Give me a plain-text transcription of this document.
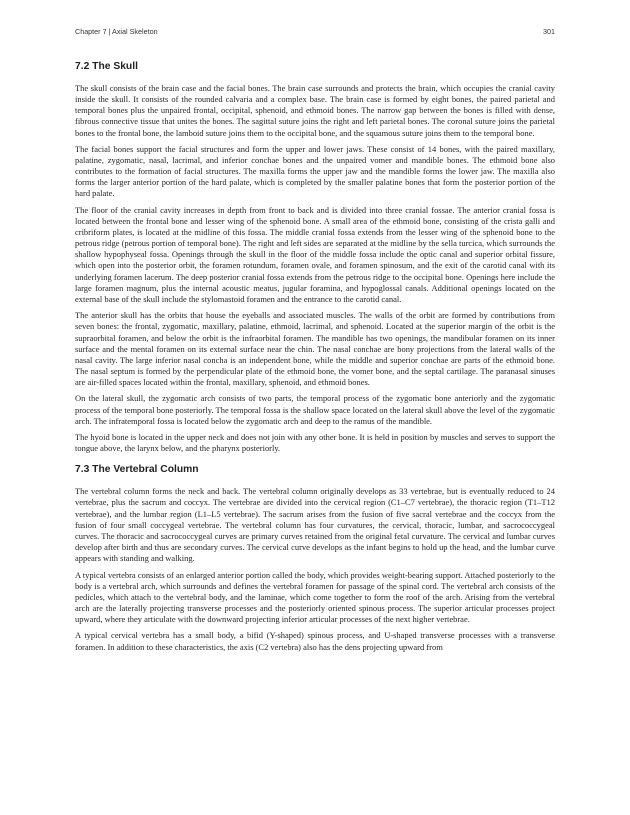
Chapter 7 | Axial Skeleton	301
7.2 The Skull

The skull consists of the brain case and the facial bones. The brain case surrounds and protects the brain, which occupies the cranial cavity inside the skull. It consists of the rounded calvaria and a complex base. The brain case is formed by eight bones, the paired parietal and temporal bones plus the unpaired frontal, occipital, sphenoid, and ethmoid bones. The narrow gap between the bones is filled with dense, fibrous connective tissue that unites the bones. The sagittal suture joins the right and left parietal bones. The coronal suture joins the parietal bones to the frontal bone, the lamboid suture joins them to the occipital bone, and the squamous suture joins them to the temporal bone.

The facial bones support the facial structures and form the upper and lower jaws. These consist of 14 bones, with the paired maxillary, palatine, zygomatic, nasal, lacrimal, and inferior conchae bones and the unpaired vomer and mandible bones. The ethmoid bone also contributes to the formation of facial structures. The maxilla forms the upper jaw and the mandible forms the lower jaw. The maxilla also forms the larger anterior portion of the hard palate, which is completed by the smaller palatine bones that form the posterior portion of the hard palate.

The floor of the cranial cavity increases in depth from front to back and is divided into three cranial fossae. The anterior cranial fossa is located between the frontal bone and lesser wing of the sphenoid bone. A small area of the ethmoid bone, consisting of the crista galli and cribriform plates, is located at the midline of this fossa. The middle cranial fossa extends from the lesser wing of the sphenoid bone to the petrous ridge (petrous portion of temporal bone). The right and left sides are separated at the midline by the sella turcica, which surrounds the shallow hypophyseal fossa. Openings through the skull in the floor of the middle fossa include the optic canal and superior orbital fissure, which open into the posterior orbit, the foramen rotundum, foramen ovale, and foramen spinosum, and the exit of the carotid canal with its underlying foramen lacerum. The deep posterior cranial fossa extends from the petrous ridge to the occipital bone. Openings here include the large foramen magnum, plus the internal acoustic meatus, jugular foramina, and hypoglossal canals. Additional openings located on the external base of the skull include the stylomastoid foramen and the entrance to the carotid canal.

The anterior skull has the orbits that house the eyeballs and associated muscles. The walls of the orbit are formed by contributions from seven bones: the frontal, zygomatic, maxillary, palatine, ethmoid, lacrimal, and sphenoid. Located at the superior margin of the orbit is the supraorbital foramen, and below the orbit is the infraorbital foramen. The mandible has two openings, the mandibular foramen on its inner surface and the mental foramen on its external surface near the chin. The nasal conchae are bony projections from the lateral walls of the nasal cavity. The large inferior nasal concha is an independent bone, while the middle and superior conchae are parts of the ethmoid bone. The nasal septum is formed by the perpendicular plate of the ethmoid bone, the vomer bone, and the septal cartilage. The paranasal sinuses are air-filled spaces located within the frontal, maxillary, sphenoid, and ethmoid bones.

On the lateral skull, the zygomatic arch consists of two parts, the temporal process of the zygomatic bone anteriorly and the zygomatic process of the temporal bone posteriorly. The temporal fossa is the shallow space located on the lateral skull above the level of the zygomatic arch. The infratemporal fossa is located below the zygomatic arch and deep to the ramus of the mandible.

The hyoid bone is located in the upper neck and does not join with any other bone. It is held in position by muscles and serves to support the tongue above, the larynx below, and the pharynx posteriorly.

7.3 The Vertebral Column

The vertebral column forms the neck and back. The vertebral column originally develops as 33 vertebrae, but is eventually reduced to 24 vertebrae, plus the sacrum and coccyx. The vertebrae are divided into the cervical region (C1–C7 vertebrae), the thoracic region (T1–T12 vertebrae), and the lumbar region (L1–L5 vertebrae). The sacrum arises from the fusion of five sacral vertebrae and the coccyx from the fusion of four small coccygeal vertebrae. The vertebral column has four curvatures, the cervical, thoracic, lumbar, and sacrococcygeal curves. The thoracic and sacrococcygeal curves are primary curves retained from the original fetal curvature. The cervical and lumbar curves develop after birth and thus are secondary curves. The cervical curve develops as the infant begins to hold up the head, and the lumbar curve appears with standing and walking.

A typical vertebra consists of an enlarged anterior portion called the body, which provides weight-bearing support. Attached posteriorly to the body is a vertebral arch, which surrounds and defines the vertebral foramen for passage of the spinal cord. The vertebral arch consists of the pedicles, which attach to the vertebral body, and the laminae, which come together to form the roof of the arch. Arising from the vertebral arch are the laterally projecting transverse processes and the posteriorly oriented spinous process. The superior articular processes project upward, where they articulate with the downward projecting inferior articular processes of the next higher vertebrae.

A typical cervical vertebra has a small body, a bifid (Y-shaped) spinous process, and U-shaped transverse processes with a transverse foramen. In addition to these characteristics, the axis (C2 vertebra) also has the dens projecting upward from
